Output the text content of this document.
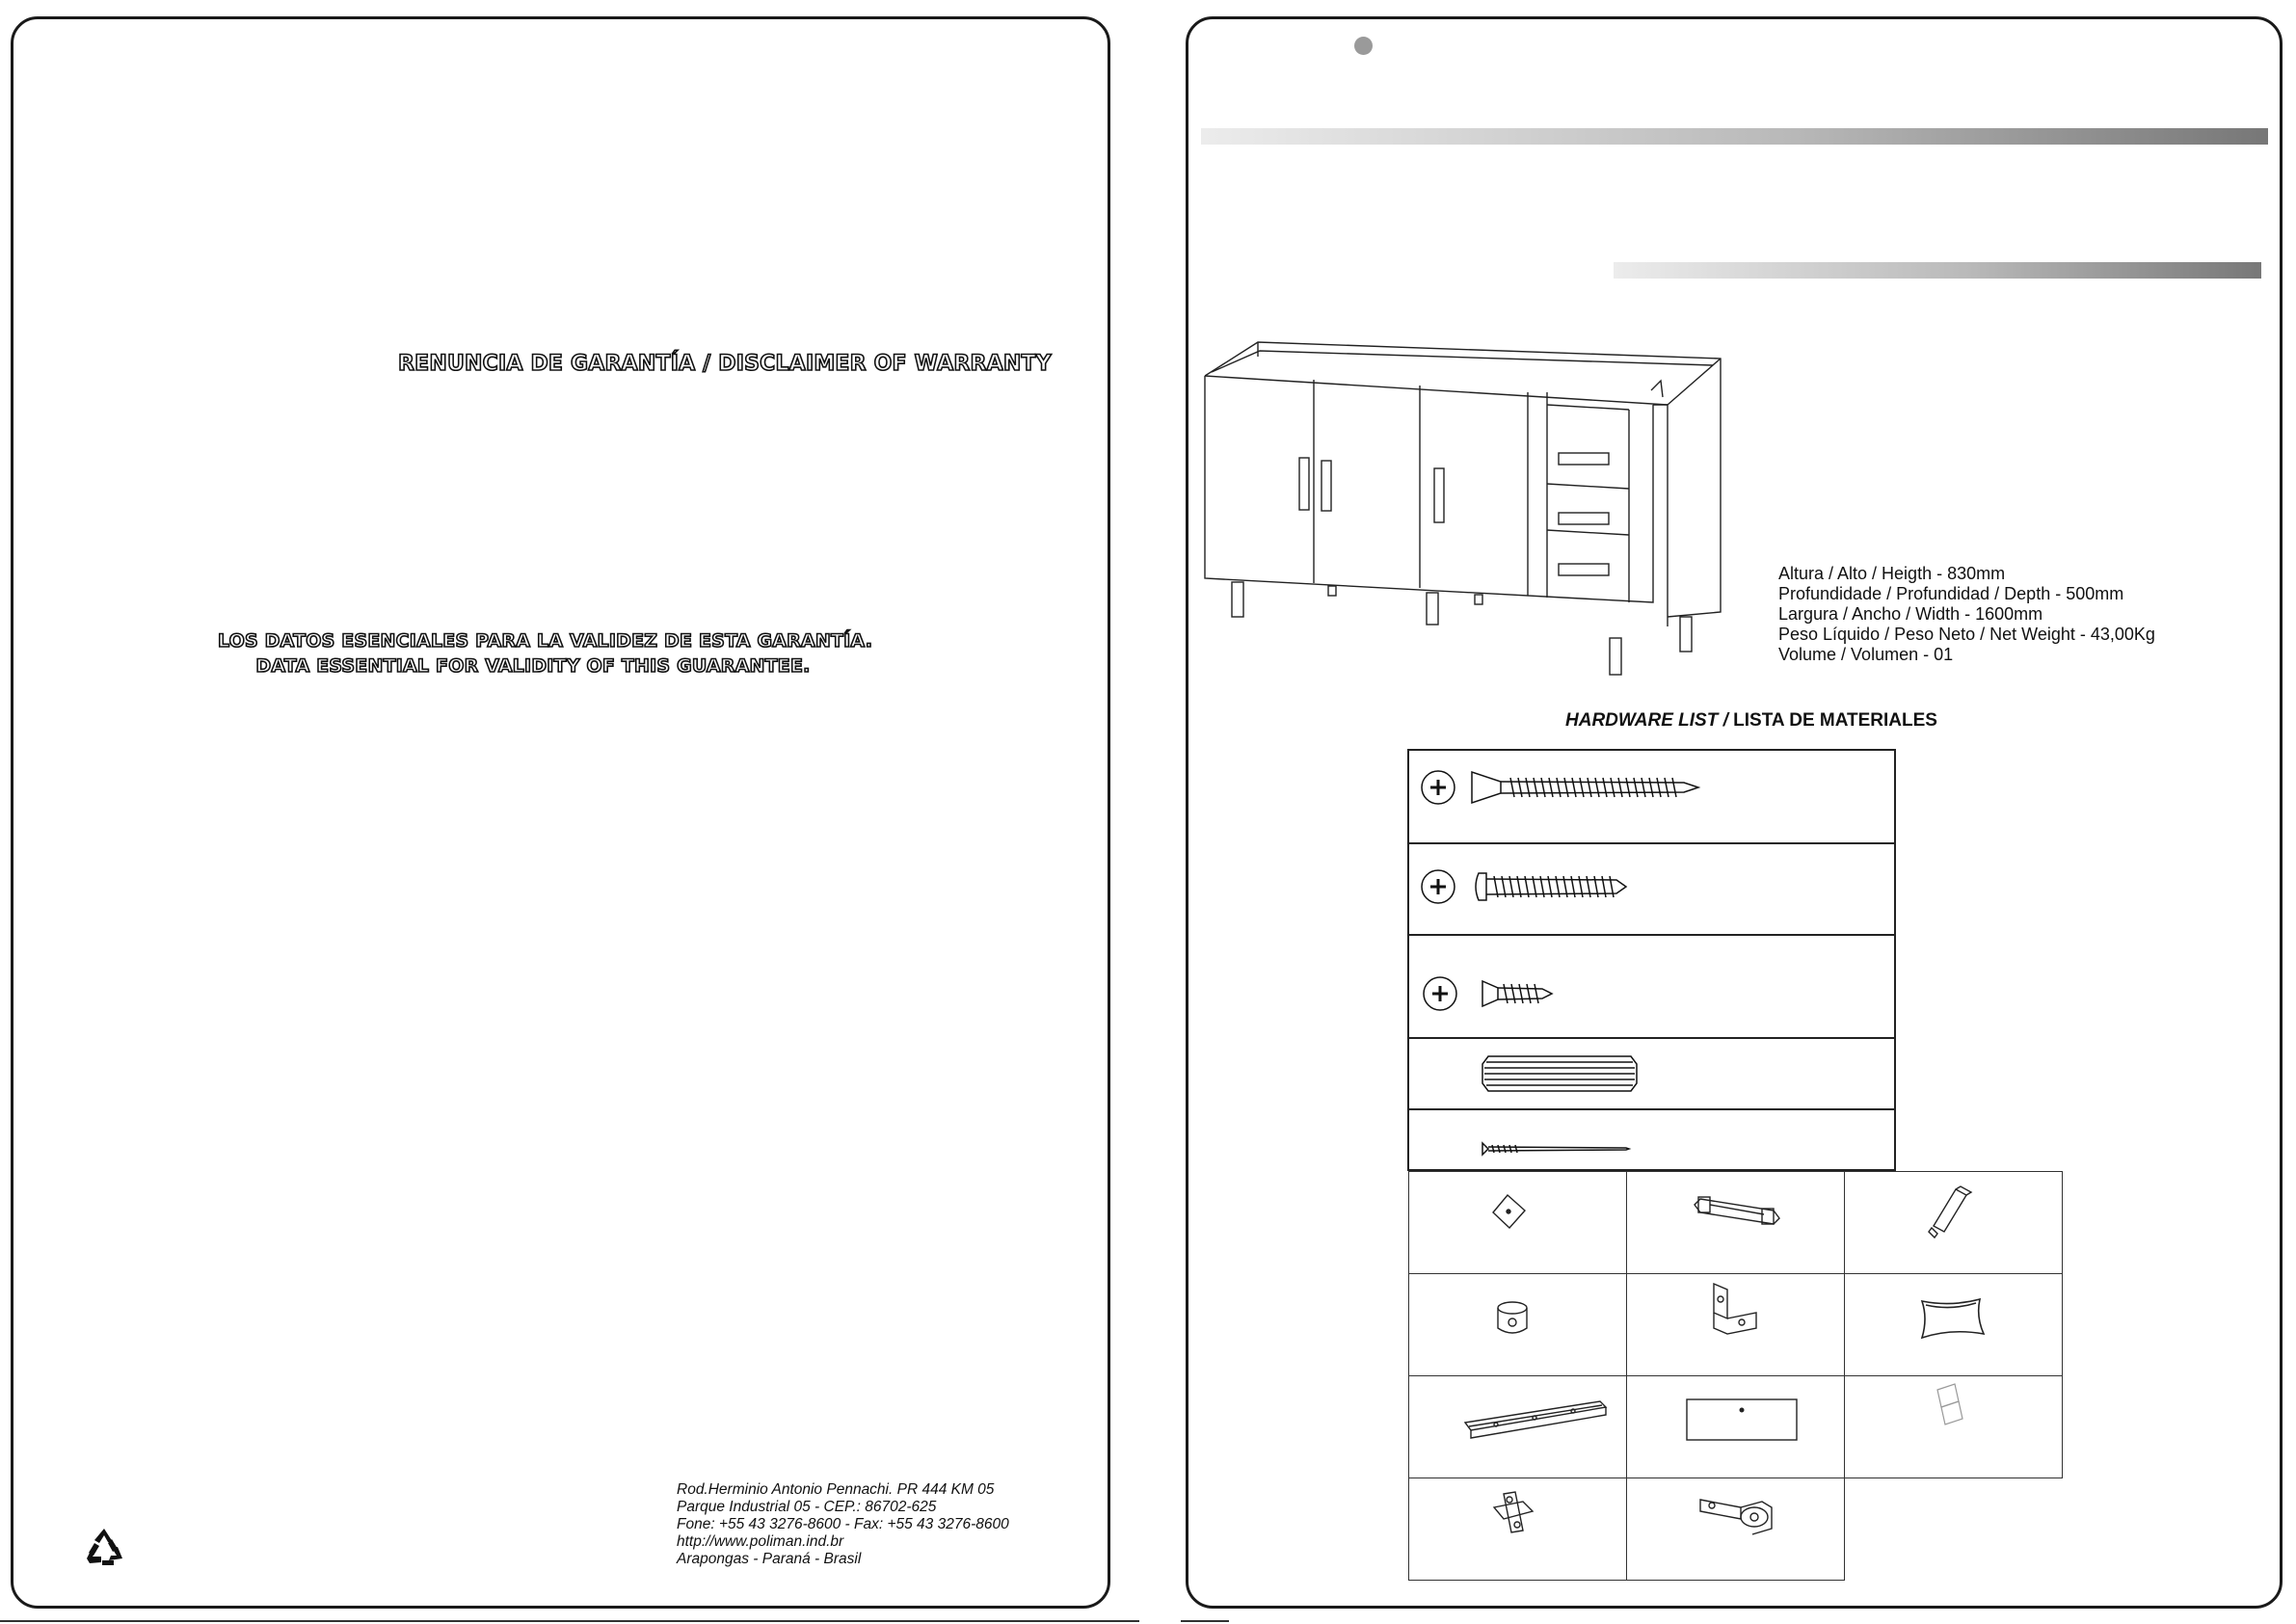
RENUNCIA DE GARANTÍA / DISCLAIMER OF WARRANTY
LOS DATOS ESENCIALES PARA LA VALIDEZ DE ESTA GARANTÍA.
DATA ESSENTIAL FOR VALIDITY OF THIS GUARANTEE.
Rod.Herminio Antonio Pennachi. PR 444 KM 05
Parque Industrial 05 - CEP.: 86702-625
Fone: +55 43 3276-8600 - Fax: +55 43 3276-8600
http://www.poliman.ind.br
Arapongas - Paraná - Brasil
Altura / Alto / Heigth - 830mm
Profundidade / Profundidad / Depth - 500mm
Largura / Ancho / Width - 1600mm
Peso Líquido / Peso Neto / Net Weight - 43,00Kg
Volume / Volumen - 01
HARDWARE LIST / LISTA DE MATERIALES
